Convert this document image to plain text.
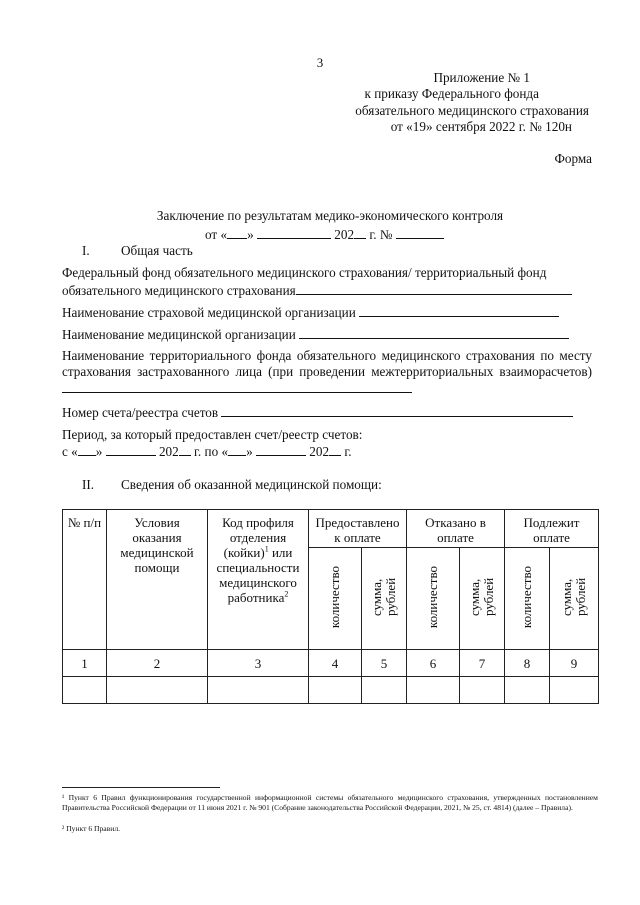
3
Приложение № 1
к приказу Федерального фонда
обязательного медицинского страхования
от «19» сентября 2022 г. № 120н
Форма
Заключение по результатам медико-экономического контроля
от « »	202 г. №
I. Общая часть
Федеральный фонд обязательного медицинского страхования/ территориальный фонд
обязательного медицинского страхования
Наименование страховой медицинской организации
Наименование медицинской организации
Наименование территориального фонда обязательного медицинского страхования по месту страхования застрахованного лица (при проведении межтерриториальных взаиморасчетов)
Номер счета/реестра счетов
Период, за который предоставлен счет/реестр счетов:
с « »	202 г. по « »	202 г.
II. Сведения об оказанной медицинской помощи:
№ п/п	Условия оказания медицинской помощи	Код профиля отделения (койки)$^1$ или специальности медицинского работника$^2$	Предоставлено к оплате		Отказано в оплате		Подлежит оплате	
			количество	сумма, рублей	количество	сумма, рублей	количество	сумма, рублей
1	2	3	4	5	6	7	8	9

¹ Пункт 6 Правил функционирования государственной информационной системы обязательного медицинского страхования, утвержденных постановлением Правительства Российской Федерации от 11 июня 2021 г. № 901 (Собрание законодательства Российской Федерации, 2021, № 25, ст. 4814) (далее – Правила).
² Пункт 6 Правил.
